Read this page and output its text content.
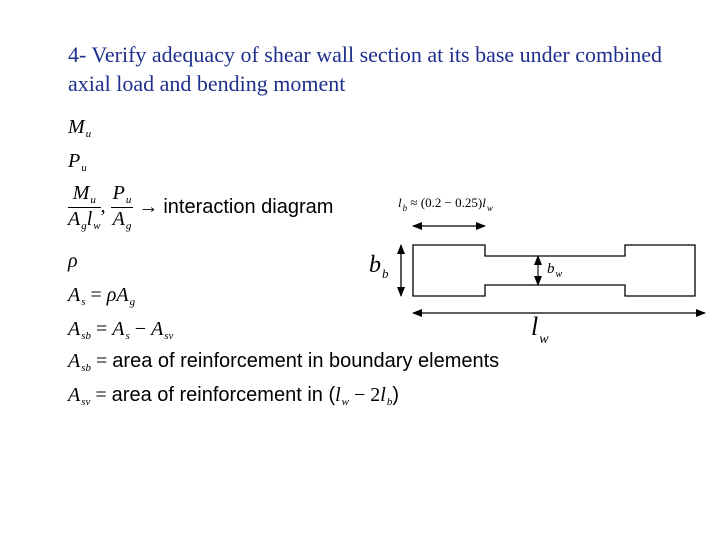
4- Verify adequacy of shear wall section at its base under combined axial load and bending moment
$M_u$
$P_u$
$\frac{M_u}{A_gl_w}$ , $\frac{P_u}{A_g}$ → interaction diagram
ρ
$A_s = \rho A_g$
$A_{sb} = A_s - A_{sv}$
$A_{sb}$ = area of reinforcement in boundary elements
$A_{sv}$ = area of reinforcement in $(l_w - 2l_b)$
$l_b \approx (0.2 - 0.25)l_w$
$b_b$	$b_w$
$l_w$
